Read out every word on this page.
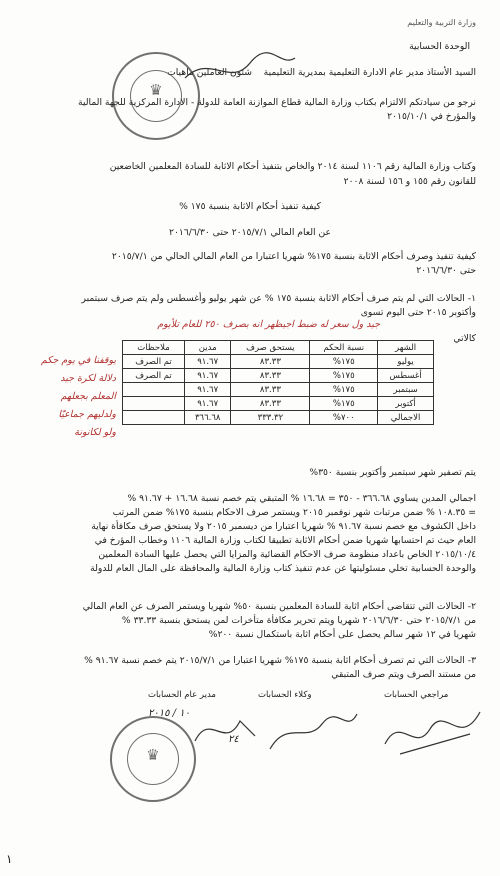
وزارة التربية والتعليم
الوحدة الحسابية
السيد الأستاذ مدير عام الادارة التعليمية بمديرية التعليمية    شئون العاملين ماهيات
♛
نرجو من سيادتكم الالتزام بكتاب وزارة المالية قطاع الموازنة العامة للدولة - الادارة المركزية للجهة المالية
والمؤرخ في ٢٠١٥/١٠/١
وكتاب وزارة المالية رقم ١١٠٦ لسنة ٢٠١٤ والخاص بتنفيذ أحكام الاثابة للسادة المعلمين الخاضعين
للقانون رقم ١٥٥ و ١٥٦ لسنة ٢٠٠٨
كيفية تنفيذ أحكام الاثابة بنسبة ١٧٥ %
عن العام المالي ٢٠١٥/٧/١ حتى ٢٠١٦/٦/٣٠
كيفية تنفيذ وصرف أحكام الاثابة بنسبة ١٧٥% شهريا اعتبارا من العام المالي الحالي من ٢٠١٥/٧/١
حتى ٢٠١٦/٦/٣٠
١- الحالات التي لم يتم صرف أحكام الاثابة بنسبة ١٧٥ % عن شهر يوليو وأغسطس ولم يتم صرف سبتمبر
وأكتوبر ٢٠١٥ حتى اليوم تسوى
كالاتي
جيد ول سعر له ضبط اجيظهر انه بصرف ٢٥٠ للعام تلأيوم
الشهر	نسبة الحكم	يستحق صرف	مدين	ملاحظات
يوليو	١٧٥%	٨٣.٣٣	٩١.٦٧	تم الصرف
أغسطس	١٧٥%	٨٣.٣٣	٩١.٦٧	تم الصرف
سبتمبر	١٧٥%	٨٣.٣٣	٩١.٦٧	
أكتوبر	١٧٥%	٨٣.٣٣	٩١.٦٧	
الاجمالي	٧٠٠%	٣٣٣.٣٢	٣٦٦.٦٨	
يوقفنا في يوم جكم
دلالة لكرة جيد
المعلم بجعلهم
ولدليهم جماعيّا
ولو لكانونة
يتم تصفير شهر سبتمبر وأكتوبر بنسبة ٣٥٠%
اجمالي المدين يساوي ٣٦٦.٦٨ - ٣٥٠ = ١٦.٦٨ % المتبقي يتم خصم نسبة ١٦.٦٨ + ٩١.٦٧ %
= ١٠٨.٣٥ % ضمن مرتبات شهر نوفمبر ٢٠١٥ ويستمر صرف الاحكام بنسبة ١٧٥% ضمن المرتب
داخل الكشوف مع خصم نسبة ٩١.٦٧ % شهريا اعتبارا من ديسمبر ٢٠١٥ ولا يستحق صرف مكافأة نهاية
العام حيث تم احتسابها شهريا ضمن أحكام الاثابة تطبيقا لكتاب وزارة المالية ١١٠٦ وخطاب المؤرخ في
٢٠١٥/١٠/٤ الخاص باعداد منظومة صرف الاحكام القضائية والمزايا التي يحصل عليها السادة المعلمين
والوحدة الحسابية تخلي مسئوليتها عن عدم تنفيذ كتاب وزارة المالية والمحافظة على المال العام للدولة
٢- الحالات التي تتقاضى أحكام اثابة للسادة المعلمين بنسبة ٥٠% شهريا ويستمر الصرف عن العام المالي
من ٢٠١٥/٧/١ حتى ٢٠١٦/٦/٣٠ شهريا ويتم تحرير مكافأة متأخرات لمن يستحق بنسبة ٣٣.٣٣ %
شهريا في ١٢ شهر سالم يحصل على أحكام اثابة باستكمال نسبة ٢٠٠%
٣- الحالات التي تم تصرف أحكام اثابة بنسبة ١٧٥% شهريا اعتبارا من ٢٠١٥/٧/١ يتم خصم نسبة ٩١.٦٧ %
من مستند الصرف ويتم صرف المتبقي
مراجعي الحسابات
وكلاء الحسابات
مدير عام الحسابات
١٠ / ٢٠١٥
٢٤
♛
١
